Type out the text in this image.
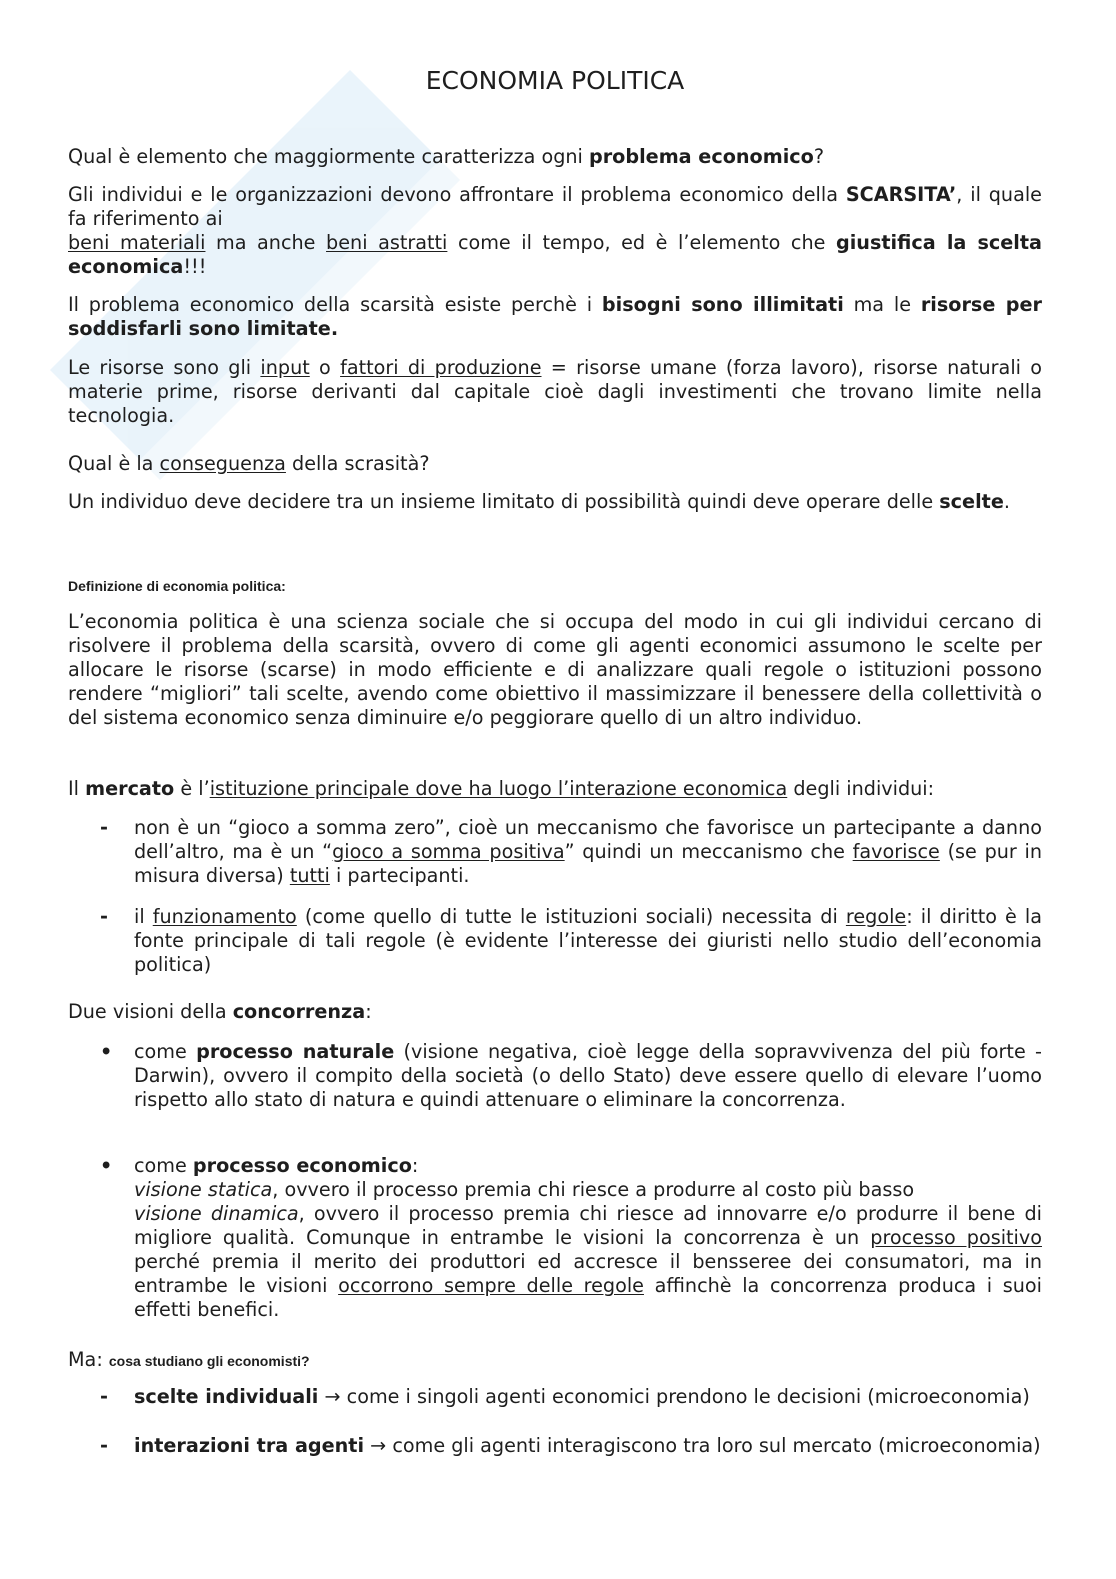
ECONOMIA POLITICA
Qual è elemento che maggiormente caratterizza ogni problema economico?
Gli individui e le organizzazioni devono affrontare il problema economico della SCARSITA’, il quale fa riferimento ai
beni materiali ma anche beni astratti come il tempo, ed è l’elemento che giustifica la scelta economica!!!
Il problema economico della scarsità esiste perchè i bisogni sono illimitati ma le risorse per soddisfarli sono limitate.
Le risorse sono gli input o fattori di produzione = risorse umane (forza lavoro), risorse naturali o materie prime, risorse derivanti dal capitale cioè dagli investimenti che trovano limite nella tecnologia.
Qual è la conseguenza della scrasità?
Un individuo deve decidere tra un insieme limitato di possibilità quindi deve operare delle scelte.
Definizione di economia politica:
L’economia politica è una scienza sociale che si occupa del modo in cui gli individui cercano di risolvere il problema della scarsità, ovvero di come gli agenti economici assumono le scelte per allocare le risorse (scarse) in modo efficiente e di analizzare quali regole o istituzioni possono rendere “migliori” tali scelte, avendo come obiettivo il massimizzare il benessere della collettività o del sistema economico senza diminuire e/o peggiorare quello di un altro individuo.
Il mercato è l’istituzione principale dove ha luogo l’interazione economica degli individui:
- non è un “gioco a somma zero”, cioè un meccanismo che favorisce un partecipante a danno dell’altro, ma è un “gioco a somma positiva” quindi un meccanismo che favorisce (se pur in misura diversa) tutti i partecipanti.
- il funzionamento (come quello di tutte le istituzioni sociali) necessita di regole: il diritto è la fonte principale di tali regole (è evidente l’interesse dei giuristi nello studio dell’economia politica)
Due visioni della concorrenza:
• come processo naturale (visione negativa, cioè legge della sopravvivenza del più forte - Darwin), ovvero il compito della società (o dello Stato) deve essere quello di elevare l’uomo rispetto allo stato di natura e quindi attenuare o eliminare la concorrenza.
• come processo economico:
visione statica, ovvero il processo premia chi riesce a produrre al costo più basso
visione dinamica, ovvero il processo premia chi riesce ad innovarre e/o produrre il bene di migliore qualità. Comunque in entrambe le visioni la concorrenza è un processo positivo perché premia il merito dei produttori ed accresce il bensseree dei consumatori, ma in entrambe le visioni occorrono sempre delle regole affinchè la concorrenza produca i suoi effetti benefici.
Ma: cosa studiano gli economisti?
- scelte individuali → come i singoli agenti economici prendono le decisioni (microeconomia)
- interazioni tra agenti → come gli agenti interagiscono tra loro sul mercato (microeconomia)
